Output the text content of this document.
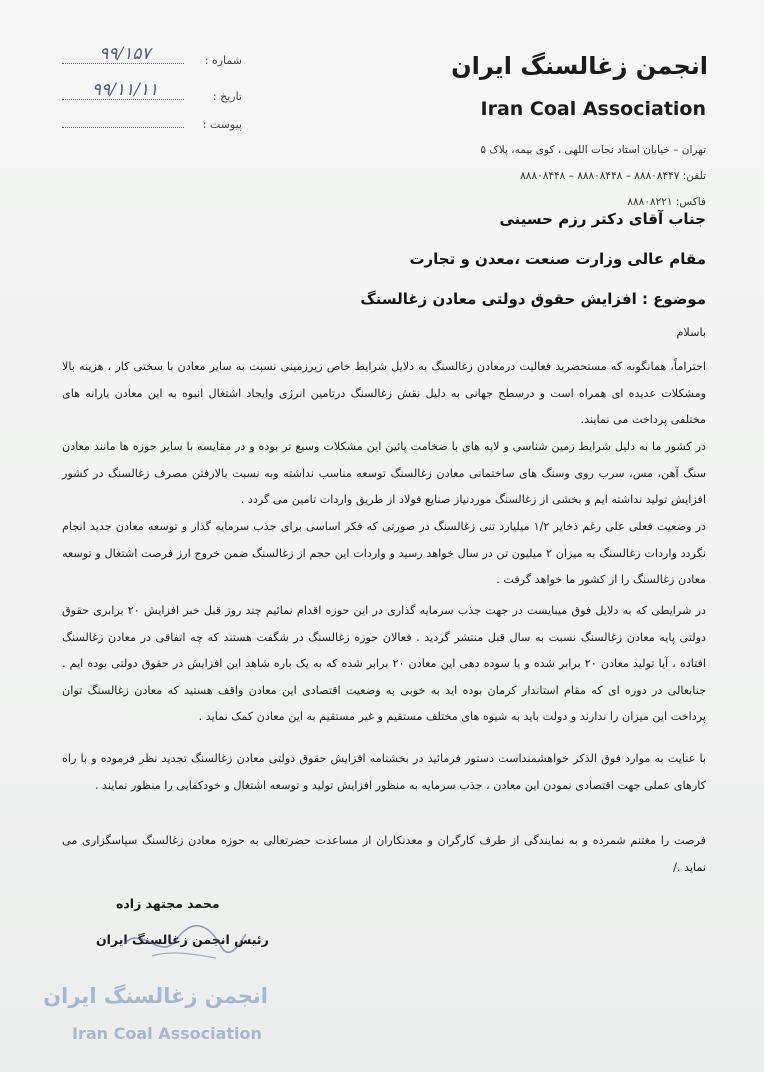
انجمن زغالسنگ ایران
Iran Coal Association
تهران – خیابان استاد نجات اللهی ، کوی بیمه، پلاک ۵
تلفن: ۸۸۸۰۸۴۴۷ – ۸۸۸۰۸۴۴۸ – ۸۸۸۰۸۴۴۸
فاکس: ۸۸۸۰۸۲۲۱
شماره :
۹۹/۱۵۷
تاریخ :
۹۹/۱۱/۱۱
پیوست :
جناب آقای دکتر رزم حسینی
مقام عالی وزارت صنعت ،معدن و تجارت
موضوع : افزایش حقوق دولتی معادن زغالسنگ
باسلام
احتراماً، همانگونه که مستحضرید فعالیت درمعادن زغالسنگ به دلایل شرایط خاص زیرزمینی نسبت به سایر معادن با سختی کار ، هزینه بالا ومشکلات عدیده ای همراه است و درسطح جهانی به دلیل نقش زغالسنگ درتامین انرژی وایجاد اشتغال انبوه به این معادن یارانه های مختلفی پرداخت می نمایند.
در کشور ما به دلیل شرایط زمین شناسی و لایه های با ضخامت پائین این مشکلات وسیع تر بوده و در مقایسه با سایر حوزه ها مانند معادن سنگ آهن، مس، سرب روی وسنگ های ساختمانی معادن زغالسنگ توسعه مناسب نداشته وبه نسبت بالارفتن مصرف زغالسنگ در کشور افزایش تولید نداشته ایم و بخشی از زغالسنگ موردنیاز صنایع فولاد از طریق واردات تامین می گردد .
در وضعیت فعلی علی رغم ذخایر ۱/۲ میلیارد تنی زغالسنگ در صورتی که فکر اساسی برای جذب سرمایه گذار و توسعه معادن جدید انجام نگردد واردات زغالسنگ به میزان ۲ میلیون تن در سال خواهد رسید و واردات این حجم از زغالسنگ ضمن خروج ارز فرصت اشتغال و توسعه معادن زغالسنگ را از کشور ما خواهد گرفت .
در شرایطی که به دلایل فوق میبایست در جهت جذب سرمایه گذاری در این حوزه اقدام نمائیم چند روز قبل خبر افزایش ۲۰ برابری حقوق دولتی پایه معادن زغالسنگ نسبت به سال قبل منتشر گردید . فعالان حوزه زغالسنگ در شگفت هستند که چه اتفاقی در معادن زغالسنگ افتاده ، آیا تولید معادن ۲۰ برابر شده و یا سوده دهی این معادن ۲۰ برابر شده که به یک باره شاهد این افزایش در حقوق دولتی بوده ایم . جنابعالی در دوره ای که مقام استاندار کرمان بوده اید به خوبی به وضعیت اقتصادی این معادن واقف هستید که معادن زغالسنگ توان پرداخت این میزان را ندارند و دولت باید به شیوه های مختلف مستقیم و غیر مستقیم به این معادن کمک نماید .
با عنایت به موارد فوق الذکر خواهشمنداست دستور فرمائید در بخشنامه افزایش حقوق دولتی معادن زغالسنگ تجدید نظر فرموده و با راه کارهای عملی جهت اقتصادی نمودن این معادن ، جذب سرمایه به منظور افزایش تولید و توسعه اشتغال و خودکفایی را منظور نمایند .
فرصت را مغتنم شمرده و به نمایندگی از طرف کارگران و معدنکاران از مساعدت حضرتعالی به حوزه معادن زغالسنگ سپاسگزاری می نماید ./
محمد مجتهد زاده
رئیس انجمن زغالسنگ ایران
انجمن زغالسنگ ایران
Iran Coal Association
